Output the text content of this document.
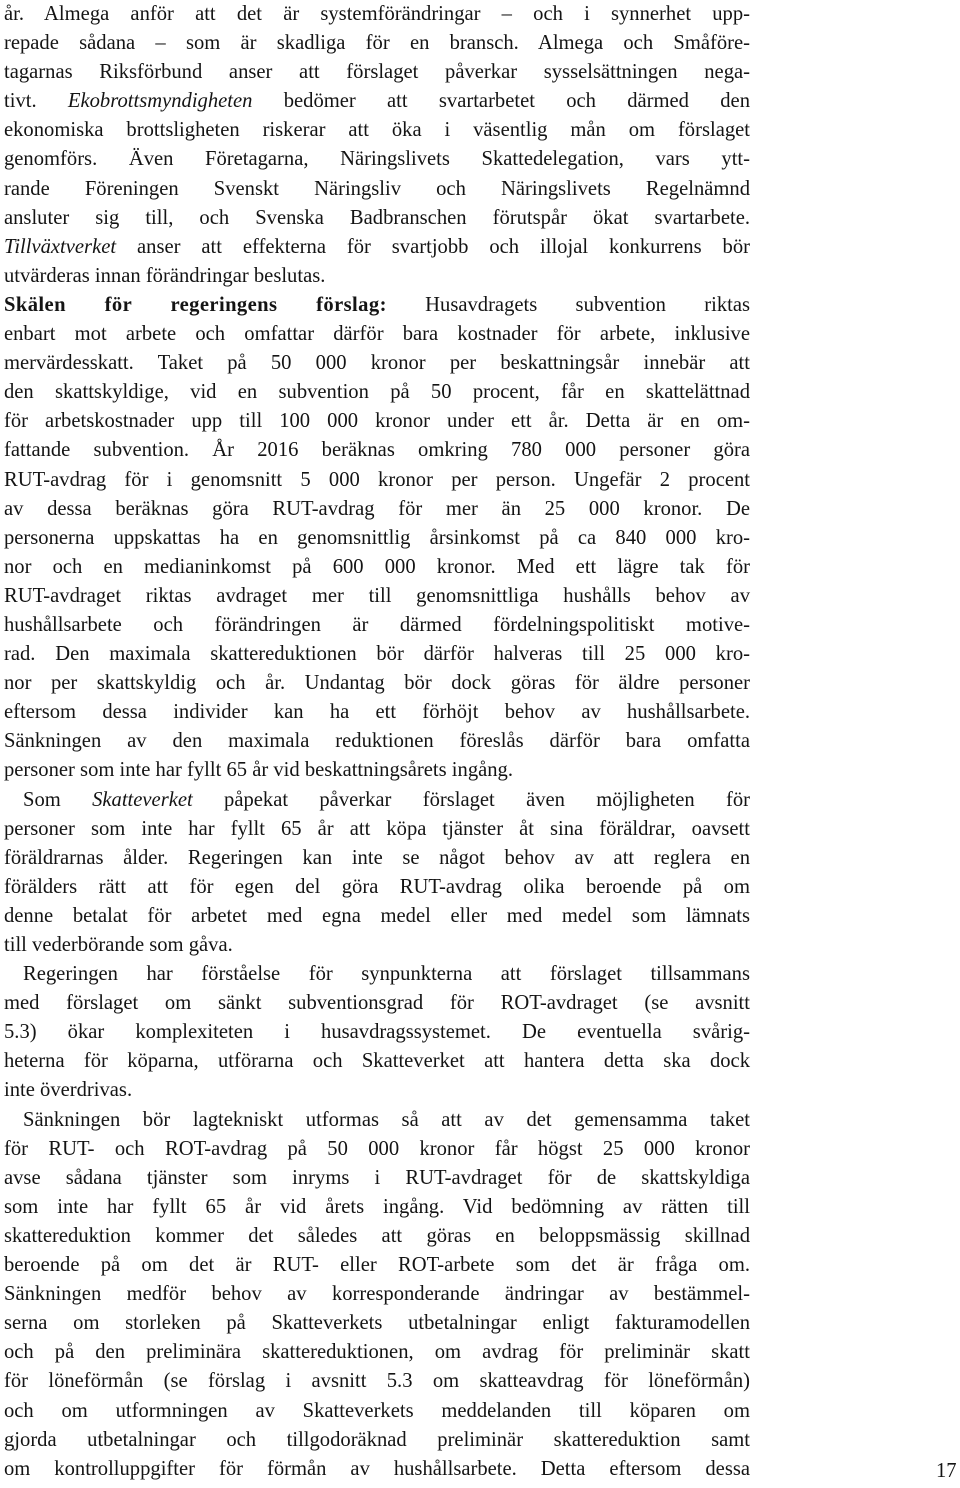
år. Almega anför att det är systemförändringar – och i synnerhet upp-
repade sådana – som är skadliga för en bransch. Almega och Småföre-
tagarnas Riksförbund anser att förslaget påverkar sysselsättningen nega-
tivt. Ekobrottsmyndigheten bedömer att svartarbetet och därmed den
ekonomiska brottsligheten riskerar att öka i väsentlig mån om förslaget
genomförs. Även Företagarna, Näringslivets Skattedelegation, vars ytt-
rande Föreningen Svenskt Näringsliv och Näringslivets Regelnämnd
ansluter sig till, och Svenska Badbranschen förutspår ökat svartarbete.
Tillväxtverket anser att effekterna för svartjobb och illojal konkurrens bör
utvärderas innan förändringar beslutas.
Skälen för regeringens förslag: Husavdragets subvention riktas
enbart mot arbete och omfattar därför bara kostnader för arbete, inklusive
mervärdesskatt. Taket på 50 000 kronor per beskattningsår innebär att
den skattskyldige, vid en subvention på 50 procent, får en skattelättnad
för arbetskostnader upp till 100 000 kronor under ett år. Detta är en om-
fattande subvention. År 2016 beräknas omkring 780 000 personer göra
RUT-avdrag för i genomsnitt 5 000 kronor per person. Ungefär 2 procent
av dessa beräknas göra RUT-avdrag för mer än 25 000 kronor. De
personerna uppskattas ha en genomsnittlig årsinkomst på ca 840 000 kro-
nor och en medianinkomst på 600 000 kronor. Med ett lägre tak för
RUT-avdraget riktas avdraget mer till genomsnittliga hushålls behov av
hushållsarbete och förändringen är därmed fördelningspolitiskt motive-
rad. Den maximala skattereduktionen bör därför halveras till 25 000 kro-
nor per skattskyldig och år. Undantag bör dock göras för äldre personer
eftersom dessa individer kan ha ett förhöjt behov av hushållsarbete.
Sänkningen av den maximala reduktionen föreslås därför bara omfatta
personer som inte har fyllt 65 år vid beskattningsårets ingång.
Som Skatteverket påpekat påverkar förslaget även möjligheten för
personer som inte har fyllt 65 år att köpa tjänster åt sina föräldrar, oavsett
föräldrarnas ålder. Regeringen kan inte se något behov av att reglera en
förälders rätt att för egen del göra RUT-avdrag olika beroende på om
denne betalat för arbetet med egna medel eller med medel som lämnats
till vederbörande som gåva.
Regeringen har förståelse för synpunkterna att förslaget tillsammans
med förslaget om sänkt subventionsgrad för ROT-avdraget (se avsnitt
5.3) ökar komplexiteten i husavdragssystemet. De eventuella svårig-
heterna för köparna, utförarna och Skatteverket att hantera detta ska dock
inte överdrivas.
Sänkningen bör lagtekniskt utformas så att av det gemensamma taket
för RUT- och ROT-avdrag på 50 000 kronor får högst 25 000 kronor
avse sådana tjänster som inryms i RUT-avdraget för de skattskyldiga
som inte har fyllt 65 år vid årets ingång. Vid bedömning av rätten till
skattereduktion kommer det således att göras en beloppsmässig skillnad
beroende på om det är RUT- eller ROT-arbete som det är fråga om.
Sänkningen medför behov av korresponderande ändringar av bestämmel-
serna om storleken på Skatteverkets utbetalningar enligt fakturamodellen
och på den preliminära skattereduktionen, om avdrag för preliminär skatt
för löneförmån (se förslag i avsnitt 5.3 om skatteavdrag för löneförmån)
och om utformningen av Skatteverkets meddelanden till köparen om
gjorda utbetalningar och tillgodoräknad preliminär skattereduktion samt
om kontrolluppgifter för förmån av hushållsarbete. Detta eftersom dessa	17
